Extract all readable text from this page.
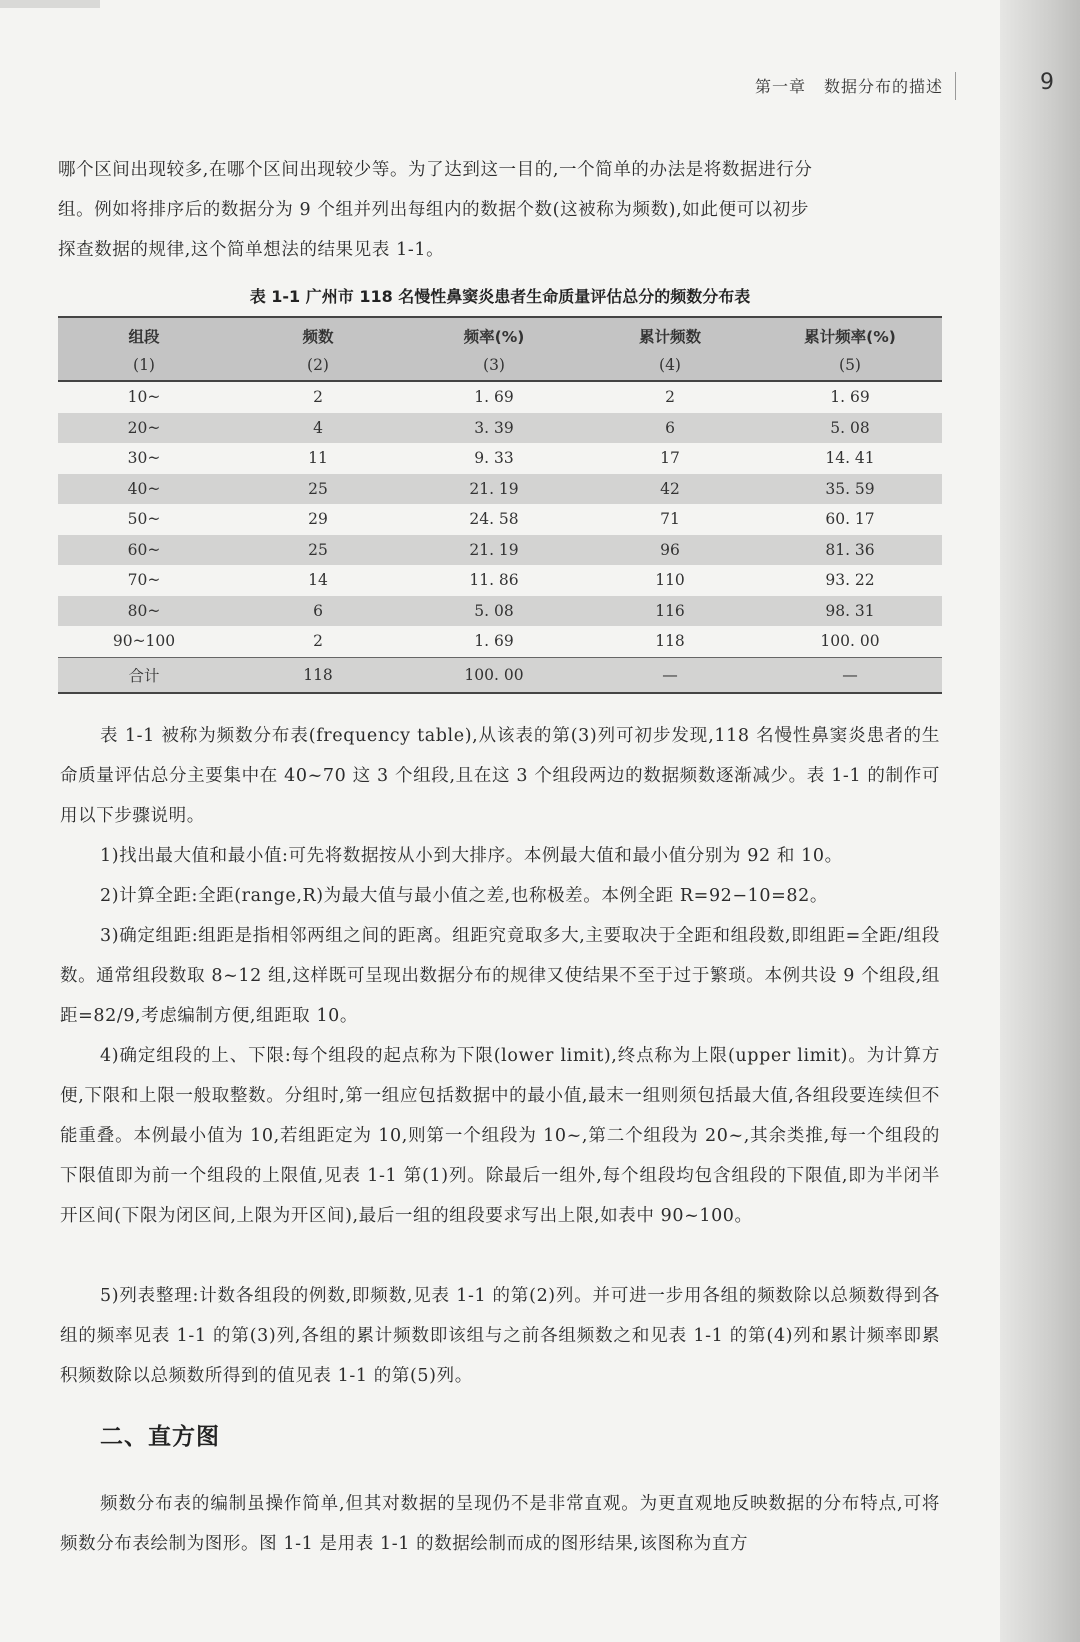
第一章 数据分布的描述	9
哪个区间出现较多,在哪个区间出现较少等。为了达到这一目的,一个简单的办法是将数据进行分
组。例如将排序后的数据分为 9 个组并列出每组内的数据个数(这被称为频数),如此便可以初步
探查数据的规律,这个简单想法的结果见表 1-1。
表 1-1 广州市 118 名慢性鼻窦炎患者生命质量评估总分的频数分布表
组段	频数	频率(%)	累计频数	累计频率(%)
(1)	(2)	(3)	(4)	(5)
10~	2	1. 69	2	1. 69
20~	4	3. 39	6	5. 08
30~	11	9. 33	17	14. 41
40~	25	21. 19	42	35. 59
50~	29	24. 58	71	60. 17
60~	25	21. 19	96	81. 36
70~	14	11. 86	110	93. 22
80~	6	5. 08	116	98. 31
90~100	2	1. 69	118	100. 00
合计	118	100. 00	—	—
表 1-1 被称为频数分布表(frequency table),从该表的第(3)列可初步发现,118 名慢性鼻窦炎患者的生命质量评估总分主要集中在 40~70 这 3 个组段,且在这 3 个组段两边的数据频数逐渐减少。表 1-1 的制作可用以下步骤说明。
1)找出最大值和最小值:可先将数据按从小到大排序。本例最大值和最小值分别为 92 和 10。
2)计算全距:全距(range,R)为最大值与最小值之差,也称极差。本例全距 R=92−10=82。
3)确定组距:组距是指相邻两组之间的距离。组距究竟取多大,主要取决于全距和组段数,即组距=全距/组段数。通常组段数取 8~12 组,这样既可呈现出数据分布的规律又使结果不至于过于繁琐。本例共设 9 个组段,组距=82/9,考虑编制方便,组距取 10。
4)确定组段的上、下限:每个组段的起点称为下限(lower limit),终点称为上限(upper limit)。为计算方便,下限和上限一般取整数。分组时,第一组应包括数据中的最小值,最末一组则须包括最大值,各组段要连续但不能重叠。本例最小值为 10,若组距定为 10,则第一个组段为 10~,第二个组段为 20~,其余类推,每一个组段的下限值即为前一个组段的上限值,见表 1-1 第(1)列。除最后一组外,每个组段均包含组段的下限值,即为半闭半开区间(下限为闭区间,上限为开区间),最后一组的组段要求写出上限,如表中 90~100。
5)列表整理:计数各组段的例数,即频数,见表 1-1 的第(2)列。并可进一步用各组的频数除以总频数得到各组的频率见表 1-1 的第(3)列,各组的累计频数即该组与之前各组频数之和见表 1-1 的第(4)列和累计频率即累积频数除以总频数所得到的值见表 1-1 的第(5)列。
二、直方图
频数分布表的编制虽操作简单,但其对数据的呈现仍不是非常直观。为更直观地反映数据的分布特点,可将频数分布表绘制为图形。图 1-1 是用表 1-1 的数据绘制而成的图形结果,该图称为直方
